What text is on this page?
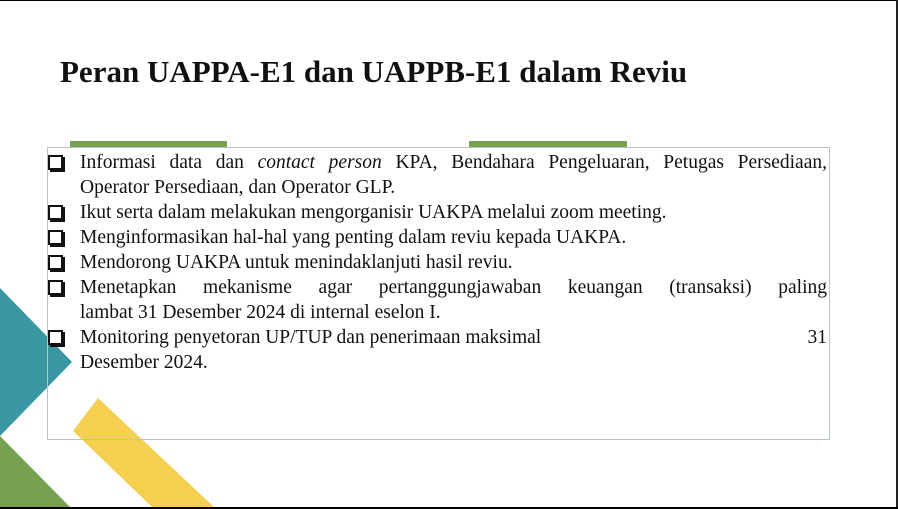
Peran UAPPA-E1 dan UAPPB-E1 dalam Reviu
Informasi data dan contact person KPA, Bendahara Pengeluaran, Petugas Persediaan,
Operator Persediaan, dan Operator GLP.
Ikut serta dalam melakukan mengorganisir UAKPA melalui zoom meeting.
Menginformasikan hal-hal yang penting dalam reviu kepada UAKPA.
Mendorong UAKPA untuk menindaklanjuti hasil reviu.
Menetapkan mekanisme agar pertanggungjawaban keuangan (transaksi) paling
lambat 31 Desember 2024 di internal eselon I.
Monitoring penyetoran UP/TUP dan penerimaan maksimal	31
Desember 2024.
